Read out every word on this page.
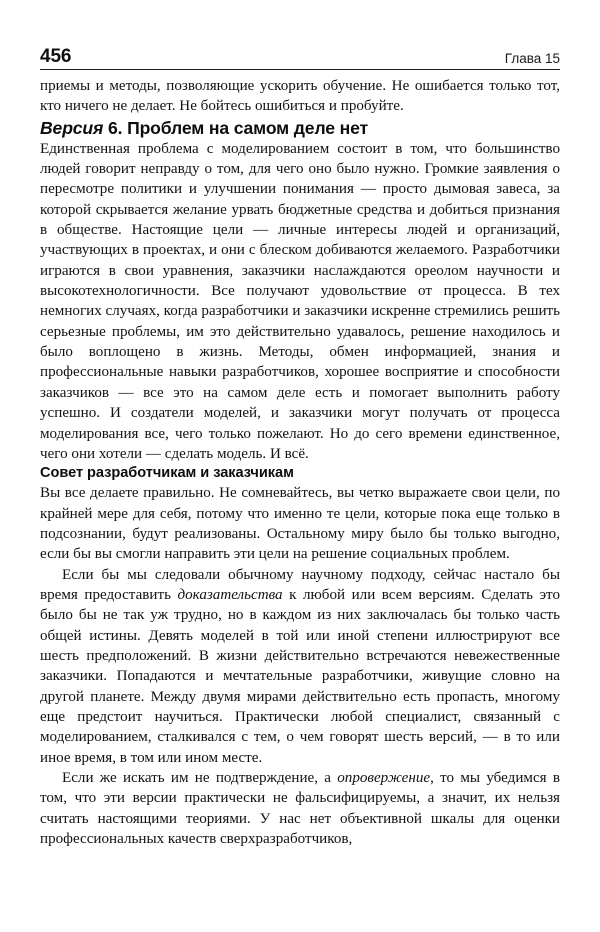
456	Глава 15

приемы и методы, позволяющие ускорить обучение. Не ошибается только тот, кто ничего не делает. Не бойтесь ошибиться и пробуйте.

Версия 6. Проблем на самом деле нет

Единственная проблема с моделированием состоит в том, что большинство людей говорит неправду о том, для чего оно было нужно. Громкие заявления о пересмотре политики и улучшении понимания — просто дымовая завеса, за которой скрывается желание урвать бюджетные средства и добиться признания в обществе. Настоящие цели — личные интересы людей и организаций, участвующих в проектах, и они с блеском добиваются желаемого. Разработчики играются в свои уравнения, заказчики наслаждаются ореолом научности и высокотехнологичности. Все получают удовольствие от процесса. В тех немногих случаях, когда разработчики и заказчики искренне стремились решить серьезные проблемы, им это действительно удавалось, решение находилось и было воплощено в жизнь. Методы, обмен информацией, знания и профессиональные навыки разработчиков, хорошее восприятие и способности заказчиков — все это на самом деле есть и помогает выполнить работу успешно. И создатели моделей, и заказчики могут получать от процесса моделирования все, чего только пожелают. Но до сего времени единственное, чего они хотели — сделать модель. И всё.

Совет разработчикам и заказчикам

Вы все делаете правильно. Не сомневайтесь, вы четко выражаете свои цели, по крайней мере для себя, потому что именно те цели, которые пока еще только в подсознании, будут реализованы. Остальному миру было бы только выгодно, если бы вы смогли направить эти цели на решение социальных проблем.

Если бы мы следовали обычному научному подходу, сейчас настало бы время предоставить доказательства к любой или всем версиям. Сделать это было бы не так уж трудно, но в каждом из них заключалась бы только часть общей истины. Девять моделей в той или иной степени иллюстрируют все шесть предположений. В жизни действительно встречаются невежественные заказчики. Попадаются и мечтательные разработчики, живущие словно на другой планете. Между двумя мирами действительно есть пропасть, многому еще предстоит научиться. Практически любой специалист, связанный с моделированием, сталкивался с тем, о чем говорят шесть версий, — в то или иное время, в том или ином месте.

Если же искать им не подтверждение, а опровержение, то мы убедимся в том, что эти версии практически не фальсифицируемы, а значит, их нельзя считать настоящими теориями. У нас нет объективной шкалы для оценки профессиональных качеств сверхразработчиков,
